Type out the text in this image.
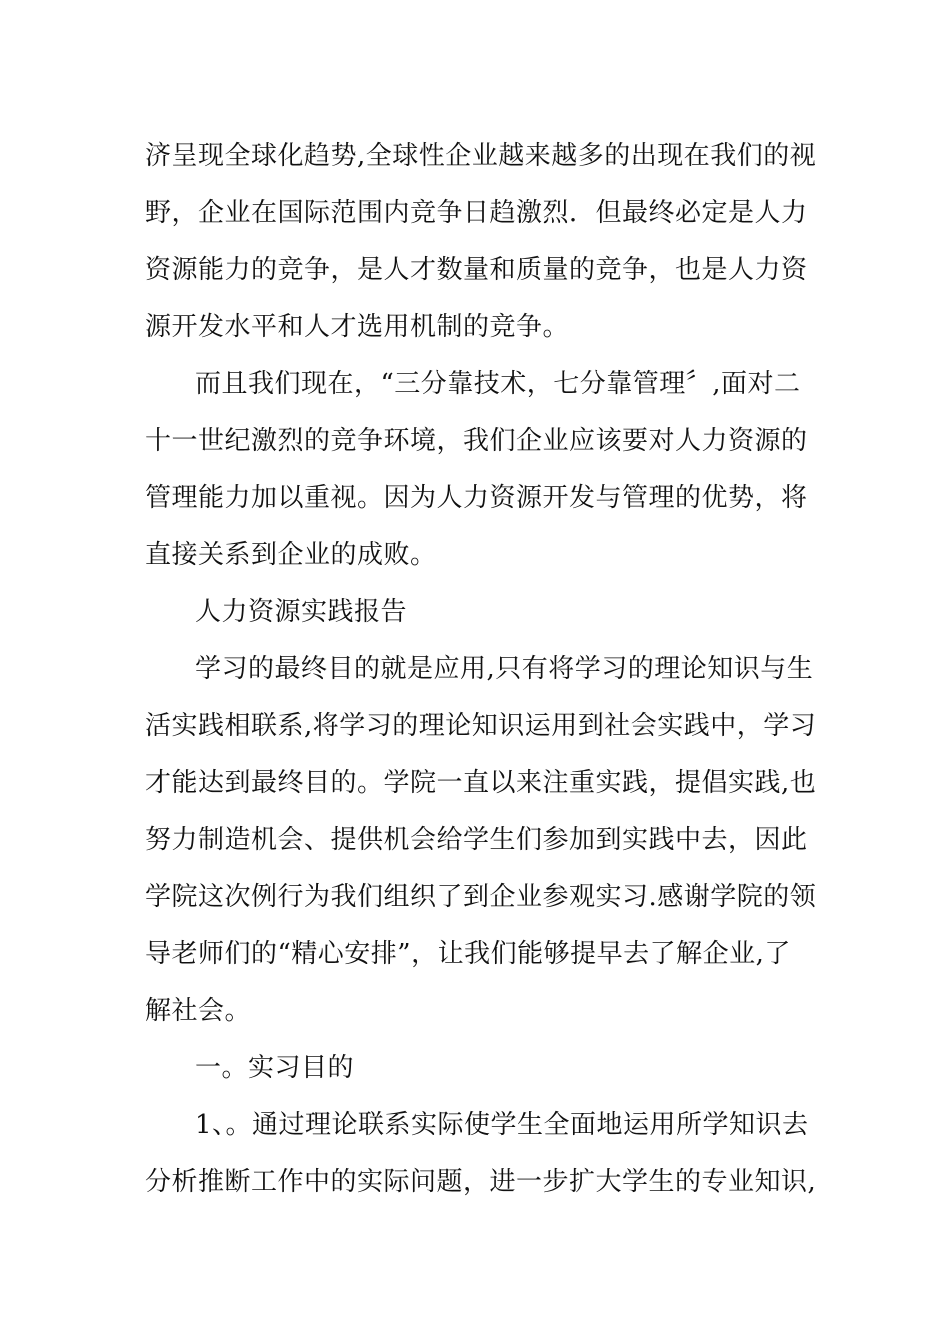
济呈现全球化趋势,全球性企业越来越多的出现在我们的视
野，企业在国际范围内竞争日趋激烈．但最终必定是人力
资源能力的竞争，是人才数量和质量的竞争，也是人力资
源开发水平和人才选用机制的竞争。
而且我们现在，“三分靠技术，七分靠管理〞,面对二
十一世纪激烈的竞争环境，我们企业应该要对人力资源的
管理能力加以重视。因为人力资源开发与管理的优势，将
直接关系到企业的成败。
人力资源实践报告
学习的最终目的就是应用,只有将学习的理论知识与生
活实践相联系,将学习的理论知识运用到社会实践中，学习
才能达到最终目的。学院一直以来注重实践，提倡实践,也
努力制造机会、提供机会给学生们参加到实践中去，因此
学院这次例行为我们组织了到企业参观实习.感谢学院的领
导老师们的“精心安排”，让我们能够提早去了解企业,了
解社会。
一。实习目的
1、。通过理论联系实际使学生全面地运用所学知识去
分析推断工作中的实际问题，进一步扩大学生的专业知识,
